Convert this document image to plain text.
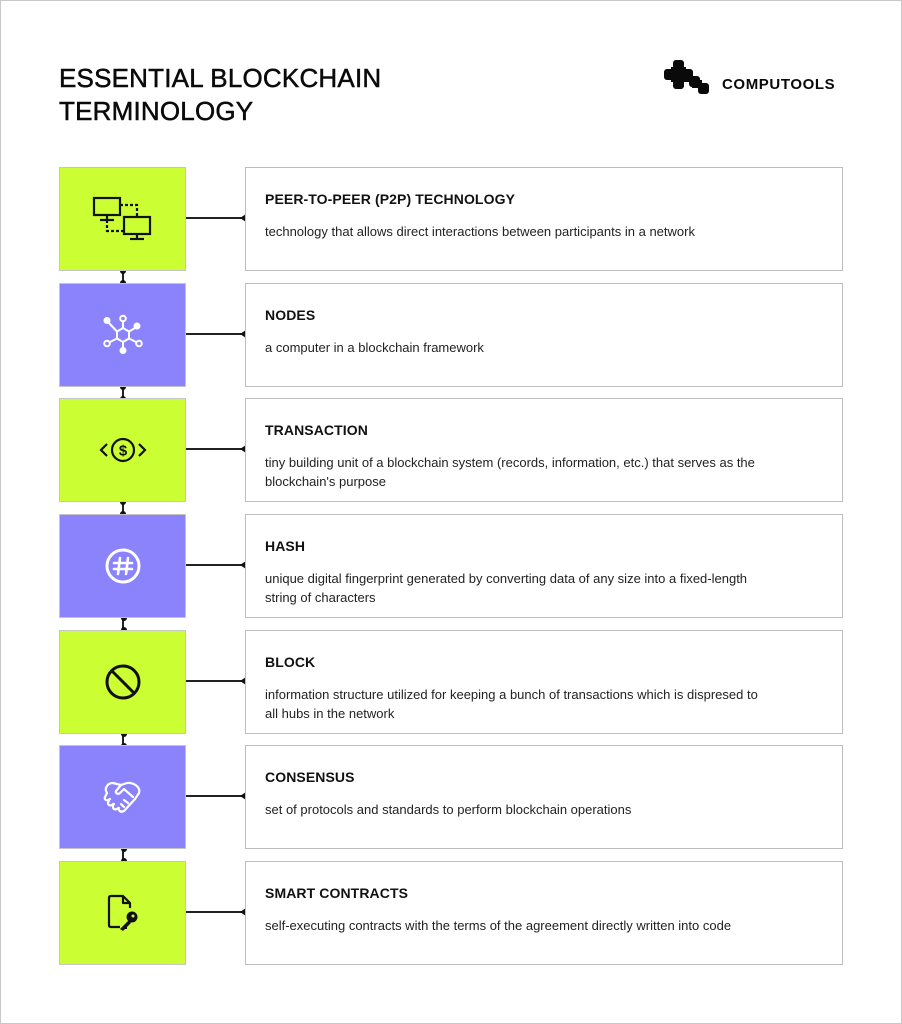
ESSENTIAL BLOCKCHAIN
TERMINOLOGY
COMPUTOOLS
PEER-TO-PEER (P2P) TECHNOLOGY
technology that allows direct interactions between participants in a network
NODES
a computer in a blockchain framework
$
TRANSACTION
tiny building unit of a blockchain system (records, information, etc.) that serves as the blockchain's purpose
HASH
unique digital fingerprint generated by converting data of any size into a fixed-length string of characters
BLOCK
information structure utilized for keeping a bunch of transactions which is dispresed to all hubs in the network
CONSENSUS
set of protocols and standards to perform blockchain operations
SMART CONTRACTS
self-executing contracts with the terms of the agreement directly written into code
